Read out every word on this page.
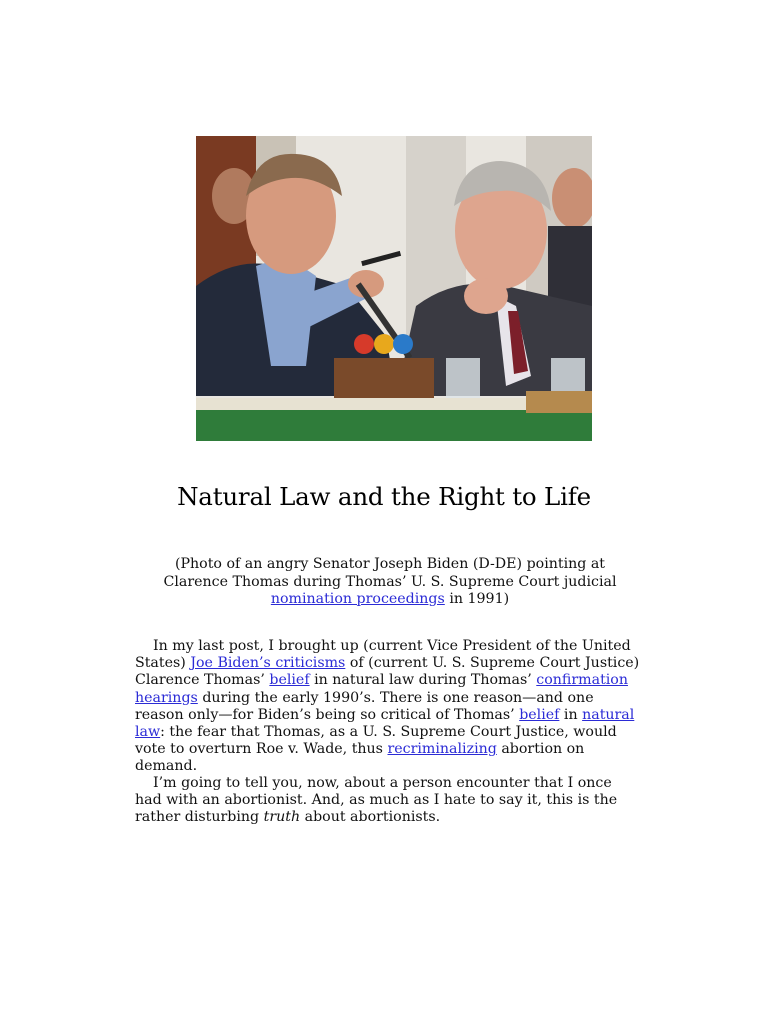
Natural Law and the Right to Life
(Photo of an angry Senator Joseph Biden (D-DE) pointing at Clarence Thomas during Thomas’ U. S. Supreme Court judicial nomination proceedings in 1991)
In my last post, I brought up (current Vice President of the United States) Joe Biden’s criticisms of (current U. S. Supreme Court Justice) Clarence Thomas’ belief in natural law during Thomas’ confirmation hearings during the early 1990’s. There is one reason—and one reason only—for Biden’s being so critical of Thomas’ belief in natural law: the fear that Thomas, as a U. S. Supreme Court Justice, would vote to overturn Roe v. Wade, thus recriminalizing abortion on demand.
I’m going to tell you, now, about a person encounter that I once had with an abortionist. And, as much as I hate to say it, this is the rather disturbing truth about abortionists.
